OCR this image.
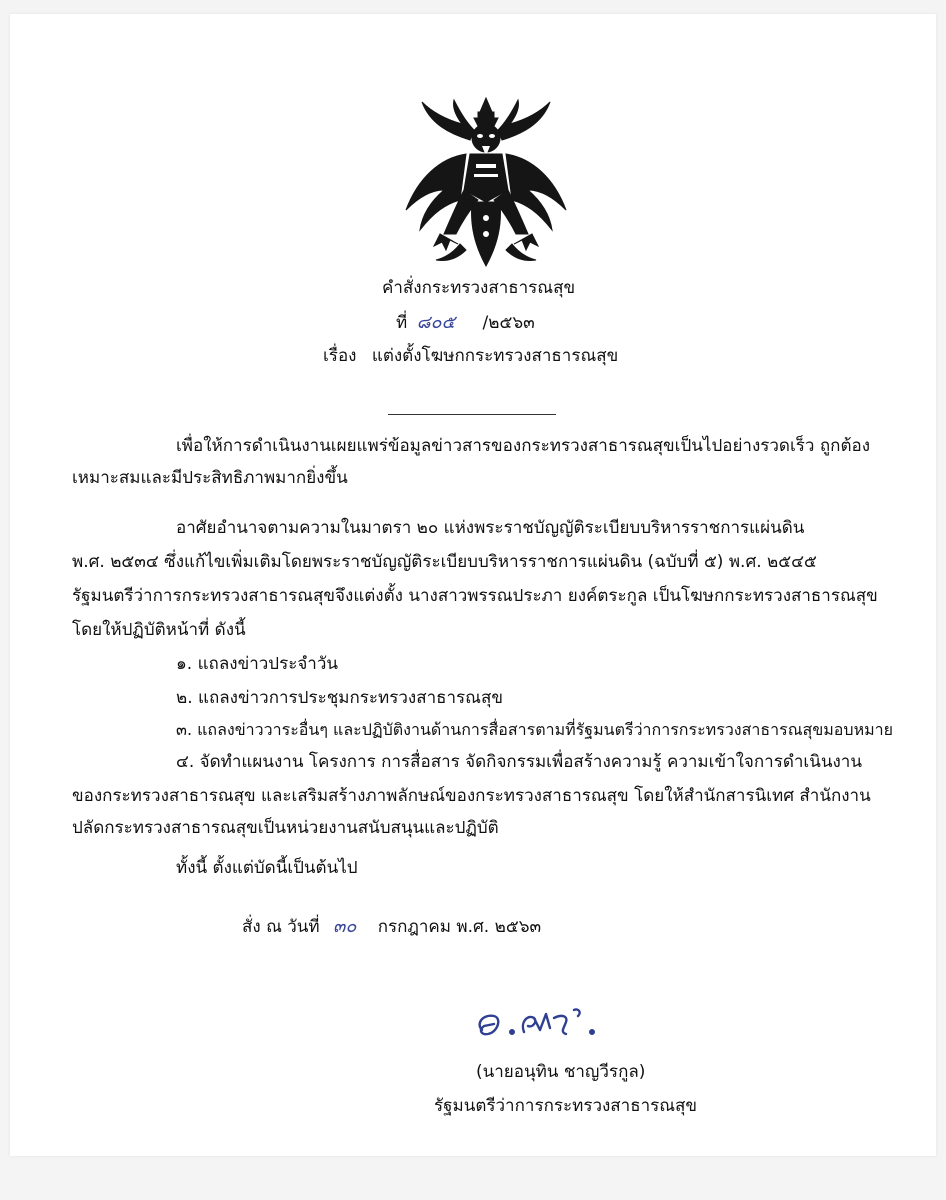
คำสั่งกระทรวงสาธารณสุข
ที่ ๘๐๕ /๒๕๖๓
เรื่อง แต่งตั้งโฆษกกระทรวงสาธารณสุข
เพื่อให้การดำเนินงานเผยแพร่ข้อมูลข่าวสารของกระทรวงสาธารณสุขเป็นไปอย่างรวดเร็ว ถูกต้อง
เหมาะสมและมีประสิทธิภาพมากยิ่งขึ้น
อาศัยอำนาจตามความในมาตรา ๒๐ แห่งพระราชบัญญัติระเบียบบริหารราชการแผ่นดิน
พ.ศ. ๒๕๓๔ ซึ่งแก้ไขเพิ่มเติมโดยพระราชบัญญัติระเบียบบริหารราชการแผ่นดิน (ฉบับที่ ๕) พ.ศ. ๒๕๔๕
รัฐมนตรีว่าการกระทรวงสาธารณสุขจึงแต่งตั้ง นางสาวพรรณประภา ยงค์ตระกูล เป็นโฆษกกระทรวงสาธารณสุข
โดยให้ปฏิบัติหน้าที่ ดังนี้
๑. แถลงข่าวประจำวัน
๒. แถลงข่าวการประชุมกระทรวงสาธารณสุข
๓. แถลงข่าววาระอื่นๆ และปฏิบัติงานด้านการสื่อสารตามที่รัฐมนตรีว่าการกระทรวงสาธารณสุขมอบหมาย
๔. จัดทำแผนงาน โครงการ การสื่อสาร จัดกิจกรรมเพื่อสร้างความรู้ ความเข้าใจการดำเนินงาน
ของกระทรวงสาธารณสุข และเสริมสร้างภาพลักษณ์ของกระทรวงสาธารณสุข โดยให้สำนักสารนิเทศ สำนักงาน
ปลัดกระทรวงสาธารณสุขเป็นหน่วยงานสนับสนุนและปฏิบัติ
ทั้งนี้ ตั้งแต่บัดนี้เป็นต้นไป
สั่ง ณ วันที่ ๓๐ กรกฎาคม พ.ศ. ๒๕๖๓
(นายอนุทิน ชาญวีรกูล)
รัฐมนตรีว่าการกระทรวงสาธารณสุข
